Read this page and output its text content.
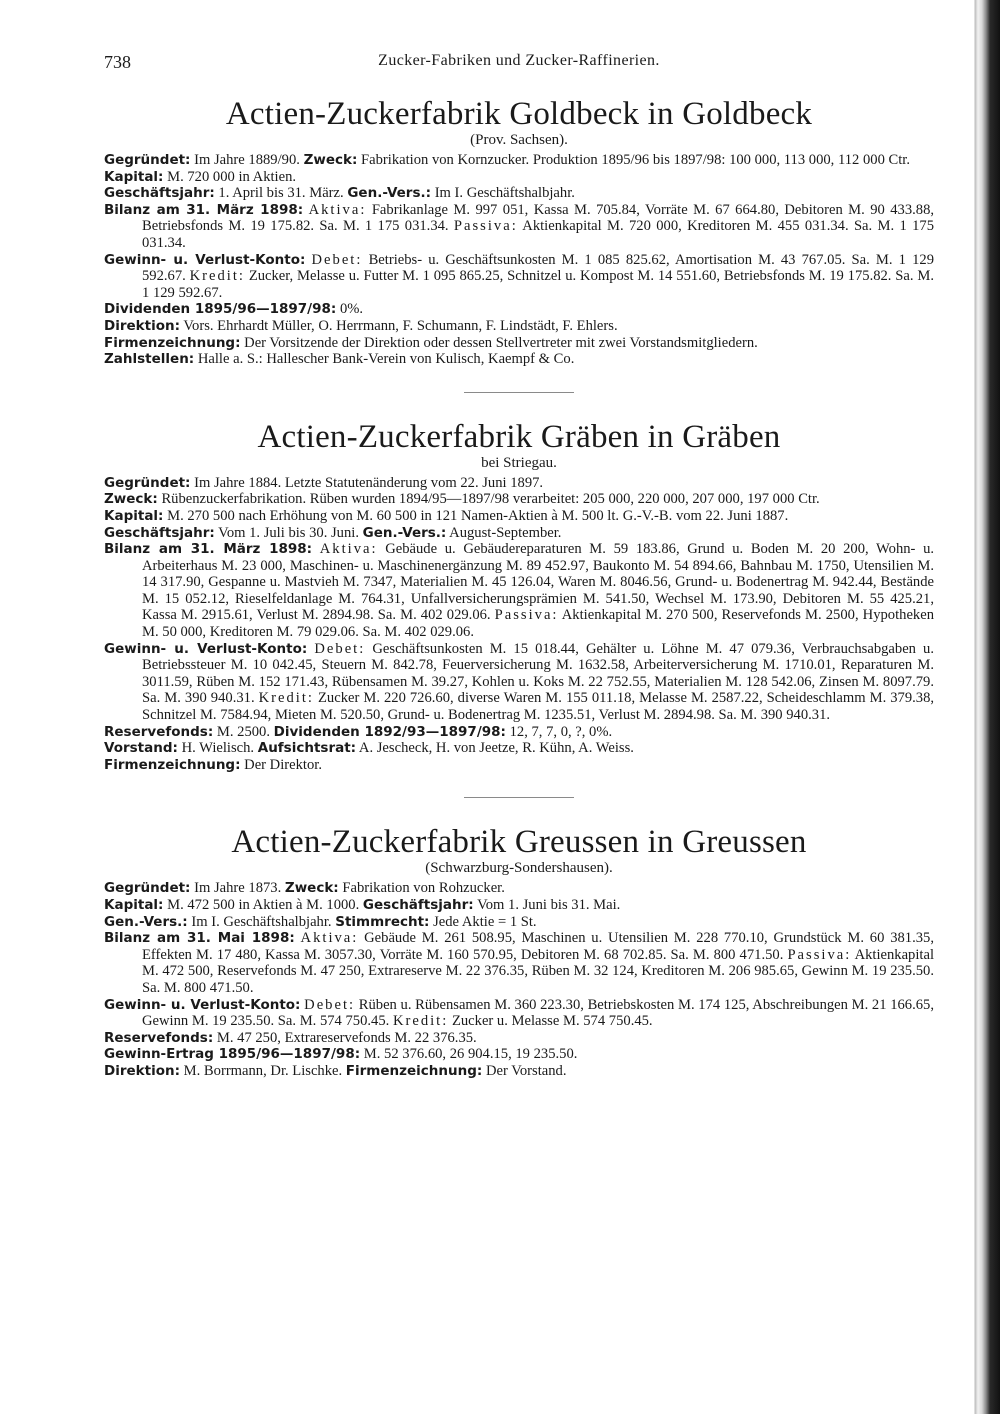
738	Zucker-Fabriken und Zucker-Raffinerien.
Actien-Zuckerfabrik Goldbeck in Goldbeck

(Prov. Sachsen).

Gegründet: Im Jahre 1889/90. Zweck: Fabrikation von Kornzucker. Produktion 1895/96 bis 1897/98: 100 000, 113 000, 112 000 Ctr.

Kapital: M. 720 000 in Aktien.

Geschäftsjahr: 1. April bis 31. März. Gen.-Vers.: Im I. Geschäftshalbjahr.

Bilanz am 31. März 1898: Aktiva: Fabrikanlage M. 997 051, Kassa M. 705.84, Vorräte M. 67 664.80, Debitoren M. 90 433.88, Betriebsfonds M. 19 175.82. Sa. M. 1 175 031.34. Passiva: Aktienkapital M. 720 000, Kreditoren M. 455 031.34. Sa. M. 1 175 031.34.

Gewinn- u. Verlust-Konto: Debet: Betriebs- u. Geschäftsunkosten M. 1 085 825.62, Amortisation M. 43 767.05. Sa. M. 1 129 592.67. Kredit: Zucker, Melasse u. Futter M. 1 095 865.25, Schnitzel u. Kompost M. 14 551.60, Betriebsfonds M. 19 175.82. Sa. M. 1 129 592.67.

Dividenden 1895/96—1897/98: 0%.

Direktion: Vors. Ehrhardt Müller, O. Herrmann, F. Schumann, F. Lindstädt, F. Ehlers.

Firmenzeichnung: Der Vorsitzende der Direktion oder dessen Stellvertreter mit zwei Vorstandsmitgliedern.

Zahlstellen: Halle a. S.: Hallescher Bank-Verein von Kulisch, Kaempf & Co.

Actien-Zuckerfabrik Gräben in Gräben

bei Striegau.

Gegründet: Im Jahre 1884. Letzte Statutenänderung vom 22. Juni 1897.

Zweck: Rübenzuckerfabrikation. Rüben wurden 1894/95—1897/98 verarbeitet: 205 000, 220 000, 207 000, 197 000 Ctr.

Kapital: M. 270 500 nach Erhöhung von M. 60 500 in 121 Namen-Aktien à M. 500 lt. G.-V.-B. vom 22. Juni 1887.

Geschäftsjahr: Vom 1. Juli bis 30. Juni. Gen.-Vers.: August-September.

Bilanz am 31. März 1898: Aktiva: Gebäude u. Gebäudereparaturen M. 59 183.86, Grund u. Boden M. 20 200, Wohn- u. Arbeiterhaus M. 23 000, Maschinen- u. Maschinenergänzung M. 89 452.97, Baukonto M. 54 894.66, Bahnbau M. 1750, Utensilien M. 14 317.90, Gespanne u. Mastvieh M. 7347, Materialien M. 45 126.04, Waren M. 8046.56, Grund- u. Bodenertrag M. 942.44, Bestände M. 15 052.12, Rieselfeldanlage M. 764.31, Unfallversicherungsprämien M. 541.50, Wechsel M. 173.90, Debitoren M. 55 425.21, Kassa M. 2915.61, Verlust M. 2894.98. Sa. M. 402 029.06. Passiva: Aktienkapital M. 270 500, Reservefonds M. 2500, Hypotheken M. 50 000, Kreditoren M. 79 029.06. Sa. M. 402 029.06.

Gewinn- u. Verlust-Konto: Debet: Geschäftsunkosten M. 15 018.44, Gehälter u. Löhne M. 47 079.36, Verbrauchsabgaben u. Betriebssteuer M. 10 042.45, Steuern M. 842.78, Feuerversicherung M. 1632.58, Arbeiterversicherung M. 1710.01, Reparaturen M. 3011.59, Rüben M. 152 171.43, Rübensamen M. 39.27, Kohlen u. Koks M. 22 752.55, Materialien M. 128 542.06, Zinsen M. 8097.79. Sa. M. 390 940.31. Kredit: Zucker M. 220 726.60, diverse Waren M. 155 011.18, Melasse M. 2587.22, Scheideschlamm M. 379.38, Schnitzel M. 7584.94, Mieten M. 520.50, Grund- u. Bodenertrag M. 1235.51, Verlust M. 2894.98. Sa. M. 390 940.31.

Reservefonds: M. 2500. Dividenden 1892/93—1897/98: 12, 7, 7, 0, ?, 0%.

Vorstand: H. Wielisch. Aufsichtsrat: A. Jescheck, H. von Jeetze, R. Kühn, A. Weiss.

Firmenzeichnung: Der Direktor.

Actien-Zuckerfabrik Greussen in Greussen

(Schwarzburg-Sondershausen).

Gegründet: Im Jahre 1873. Zweck: Fabrikation von Rohzucker.

Kapital: M. 472 500 in Aktien à M. 1000. Geschäftsjahr: Vom 1. Juni bis 31. Mai.

Gen.-Vers.: Im I. Geschäftshalbjahr. Stimmrecht: Jede Aktie = 1 St.

Bilanz am 31. Mai 1898: Aktiva: Gebäude M. 261 508.95, Maschinen u. Utensilien M. 228 770.10, Grundstück M. 60 381.35, Effekten M. 17 480, Kassa M. 3057.30, Vorräte M. 160 570.95, Debitoren M. 68 702.85. Sa. M. 800 471.50. Passiva: Aktienkapital M. 472 500, Reservefonds M. 47 250, Extrareserve M. 22 376.35, Rüben M. 32 124, Kreditoren M. 206 985.65, Gewinn M. 19 235.50. Sa. M. 800 471.50.

Gewinn- u. Verlust-Konto: Debet: Rüben u. Rübensamen M. 360 223.30, Betriebskosten M. 174 125, Abschreibungen M. 21 166.65, Gewinn M. 19 235.50. Sa. M. 574 750.45. Kredit: Zucker u. Melasse M. 574 750.45.

Reservefonds: M. 47 250, Extrareservefonds M. 22 376.35.

Gewinn-Ertrag 1895/96—1897/98: M. 52 376.60, 26 904.15, 19 235.50.

Direktion: M. Borrmann, Dr. Lischke. Firmenzeichnung: Der Vorstand.
